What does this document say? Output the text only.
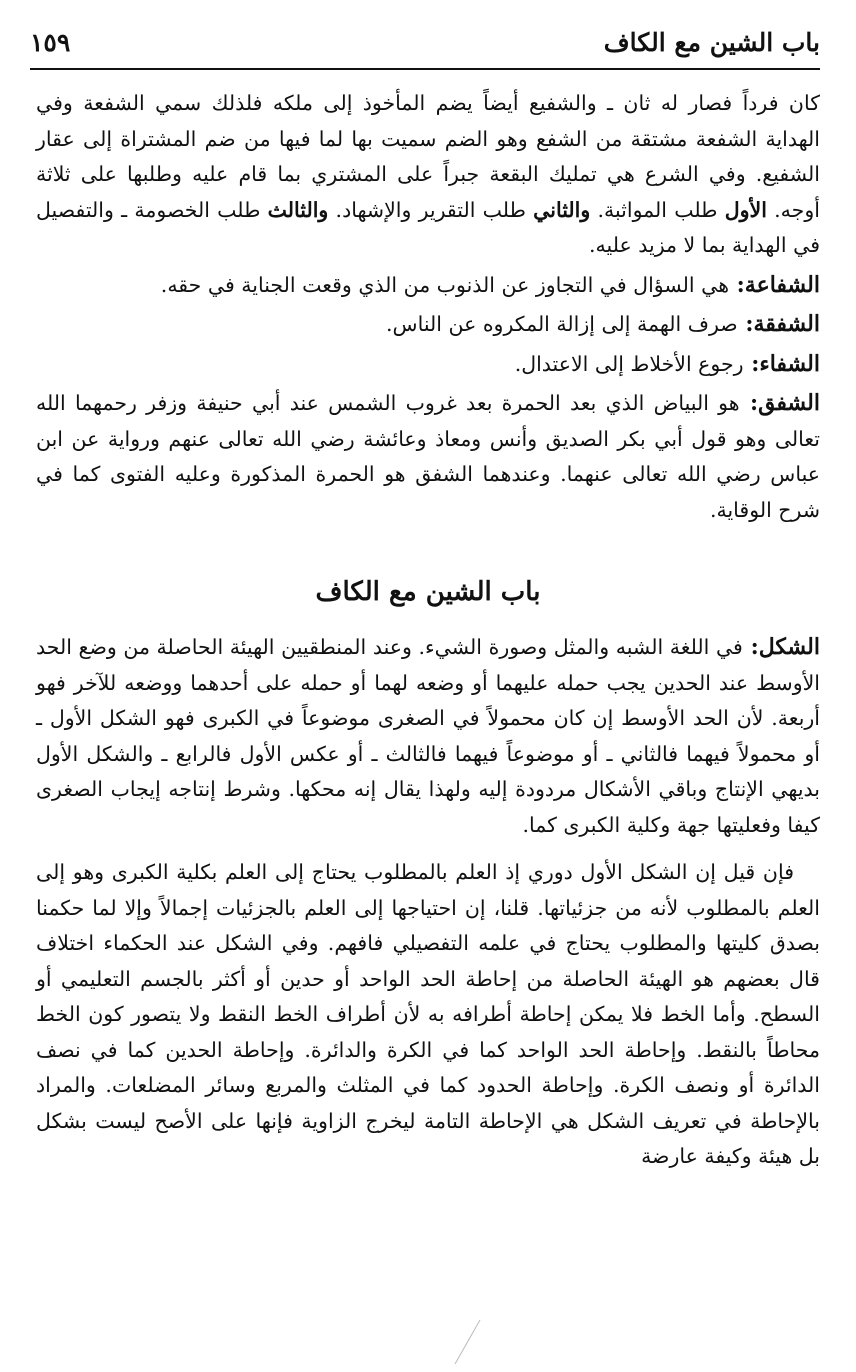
باب الشين مع الكاف
١٥٩

كان فرداً فصار له ثان ـ والشفيع أيضاً يضم المأخوذ إلى ملكه فلذلك سمي الشفعة وفي الهداية الشفعة مشتقة من الشفع وهو الضم سميت بها لما فيها من ضم المشتراة إلى عقار الشفيع. وفي الشرع هي تمليك البقعة جبراً على المشتري بما قام عليه وطلبها على ثلاثة أوجه. الأول طلب المواثبة. والثاني طلب التقرير والإشهاد. والثالث طلب الخصومة ـ والتفصيل في الهداية بما لا مزيد عليه.

الشفاعة: هي السؤال في التجاوز عن الذنوب من الذي وقعت الجناية في حقه.

الشفقة: صرف الهمة إلى إزالة المكروه عن الناس.

الشفاء: رجوع الأخلاط إلى الاعتدال.

الشفق: هو البياض الذي بعد الحمرة بعد غروب الشمس عند أبي حنيفة وزفر رحمهما الله تعالى وهو قول أبي بكر الصديق وأنس ومعاذ وعائشة رضي الله تعالى عنهم ورواية عن ابن عباس رضي الله تعالى عنهما. وعندهما الشفق هو الحمرة المذكورة وعليه الفتوى كما في شرح الوقاية.

باب الشين مع الكاف

الشكل: في اللغة الشبه والمثل وصورة الشيء. وعند المنطقيين الهيئة الحاصلة من وضع الحد الأوسط عند الحدين يجب حمله عليهما أو وضعه لهما أو حمله على أحدهما ووضعه للآخر فهو أربعة. لأن الحد الأوسط إن كان محمولاً في الصغرى موضوعاً في الكبرى فهو الشكل الأول ـ أو محمولاً فيهما فالثاني ـ أو موضوعاً فيهما فالثالث ـ أو عكس الأول فالرابع ـ والشكل الأول بديهي الإنتاج وباقي الأشكال مردودة إليه ولهذا يقال إنه محكها. وشرط إنتاجه إيجاب الصغرى كيفا وفعليتها جهة وكلية الكبرى كما.

فإن قيل إن الشكل الأول دوري إذ العلم بالمطلوب يحتاج إلى العلم بكلية الكبرى وهو إلى العلم بالمطلوب لأنه من جزئياتها. قلنا، إن احتياجها إلى العلم بالجزئيات إجمالاً وإلا لما حكمنا بصدق كليتها والمطلوب يحتاج في علمه التفصيلي فافهم. وفي الشكل عند الحكماء اختلاف قال بعضهم هو الهيئة الحاصلة من إحاطة الحد الواحد أو حدين أو أكثر بالجسم التعليمي أو السطح. وأما الخط فلا يمكن إحاطة أطرافه به لأن أطراف الخط النقط ولا يتصور كون الخط محاطاً بالنقط. وإحاطة الحد الواحد كما في الكرة والدائرة. وإحاطة الحدين كما في نصف الدائرة أو ونصف الكرة. وإحاطة الحدود كما في المثلث والمربع وسائر المضلعات. والمراد بالإحاطة في تعريف الشكل هي الإحاطة التامة ليخرج الزاوية فإنها على الأصح ليست بشكل بل هيئة وكيفة عارضة
